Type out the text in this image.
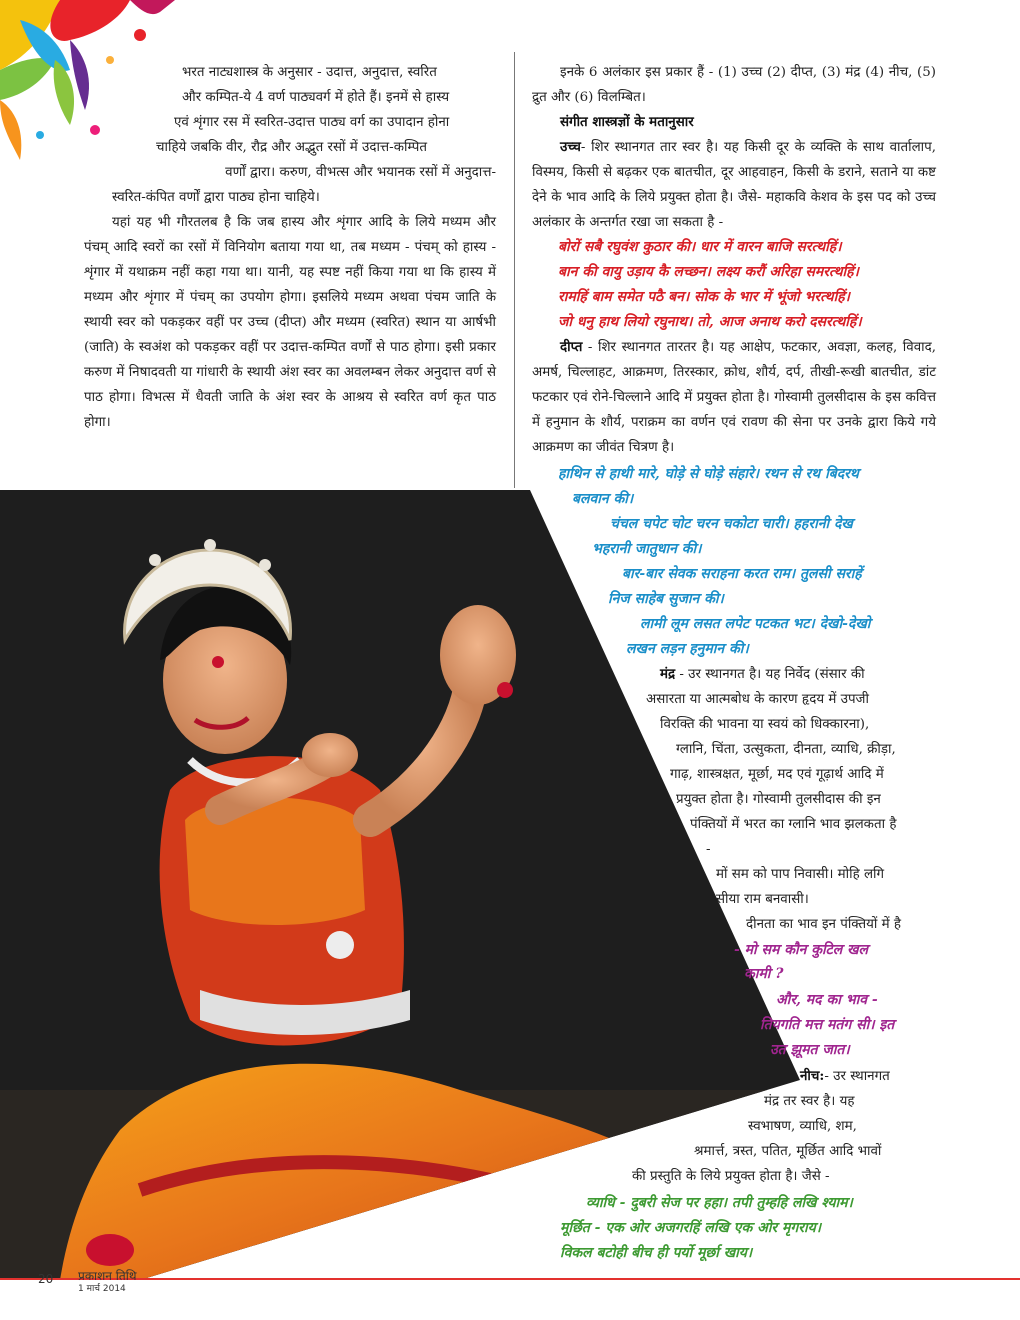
भरत नाट्यशास्त्र के अनुसार - उदात्त, अनुदात्त, स्वरित

और कम्पित-ये 4 वर्ण पाठ्यवर्ग में होते हैं। इनमें से हास्य

एवं शृंगार रस में स्वरित-उदात्त पाठ्य वर्ग का उपादान होना

चाहिये जबकि वीर, रौद्र और अद्भुत रसों में उदात्त-कम्पित

वर्णों द्वारा। करुण, वीभत्स और भयानक रसों में अनुदात्त-

स्वरित-कंपित वर्णों द्वारा पाठ्य होना चाहिये।

यहां यह भी गौरतलब है कि जब हास्य और शृंगार आदि के लिये मध्यम और पंचम् आदि स्वरों का रसों में विनियोग बताया गया था, तब मध्यम - पंचम् को हास्य - शृंगार में यथाक्रम नहीं कहा गया था। यानी, यह स्पष्ट नहीं किया गया था कि हास्य में मध्यम और शृंगार में पंचम् का उपयोग होगा। इसलिये मध्यम अथवा पंचम जाति के स्थायी स्वर को पकड़कर वहीं पर उच्च (दीप्त) और मध्यम (स्वरित) स्थान या आर्षभी (जाति) के स्वअंश को पकड़कर वहीं पर उदात्त-कम्पित वर्णों से पाठ होगा। इसी प्रकार करुण में निषादवती या गांधारी के स्थायी अंश स्वर का अवलम्बन लेकर अनुदात्त वर्ण से पाठ होगा। विभत्स में धैवती जाति के अंश स्वर के आश्रय से स्वरित वर्ण कृत पाठ होगा।

इनके 6 अलंकार इस प्रकार हैं - (1) उच्च (2) दीप्त, (3) मंद्र (4) नीच, (5) द्रुत और (6) विलम्बित।

संगीत शास्त्रज्ञों के मतानुसार

उच्च- शिर स्थानगत तार स्वर है। यह किसी दूर के व्यक्ति के साथ वार्तालाप, विस्मय, किसी से बढ़कर एक बातचीत, दूर आहवाहन, किसी के डराने, सताने या कष्ट देने के भाव आदि के लिये प्रयुक्त होता है। जैसे- महाकवि केशव के इस पद को उच्च अलंकार के अन्तर्गत रखा जा सकता है -

बोरों सबै रघुवंश कुठार की। धार में वारन बाजि सरत्थहिं।

बान की वायु उड़ाय कै लच्छन। लक्ष्य करौं अरिहा समरत्थहिं।

रामहिं बाम समेत पठै बन। सोक के भार में भूंजो भरत्थहिं।

जो धनु हाथ लियो रघुनाथ। तो, आज अनाथ करो दसरत्थहिं।

दीप्त - शिर स्थानगत तारतर है। यह आक्षेप, फटकार, अवज्ञा, कलह, विवाद, अमर्ष, चिल्लाहट, आक्रमण, तिरस्कार, क्रोध, शौर्य, दर्प, तीखी-रूखी बातचीत, डांट फटकार एवं रोने-चिल्लाने आदि में प्रयुक्त होता है। गोस्वामी तुलसीदास के इस कवित्त में हनुमान के शौर्य, पराक्रम का वर्णन एवं रावण की सेना पर उनके द्वारा किये गये आक्रमण का जीवंत चित्रण है।

हाथिन से हाथी मारे, घोड़े से घोड़े संहारे। रथन से रथ बिदरथ
बलवान की।
चंचल चपेट चोट चरन चकोटा चारी। हहरानी देख
भहरानी जातुधान की।
बार-बार सेवक सराहना करत राम। तुलसी सराहें
निज साहेब सुजान की।
लामी लूम लसत लपेट पटकत भट। देखो-देखो
लखन लड़न हनुमान की।
मंद्र - उर स्थानगत है। यह निर्वेद (संसार की
असारता या आत्मबोध के कारण हृदय में उपजी
विरक्ति की भावना या स्वयं को धिक्कारना),
ग्लानि, चिंता, उत्सुकता, दीनता, व्याधि, क्रीड़ा,
गाढ़, शास्त्रक्षत, मूर्छा, मद एवं गूढ़ार्थ आदि में
प्रयुक्त होता है। गोस्वामी तुलसीदास की इन
पंक्तियों में भरत का ग्लानि भाव झलकता है
-
मों सम को पाप निवासी। मोहि लगि
सीया राम बनवासी।
दीनता का भाव इन पंक्तियों में है
- मो सम कौन कुटिल खल
कामी ?
और, मद का भाव -
तियगति मत्त मतंग सी। इत
उत झूमत जात।
नीच:- उर स्थानगत
मंद्र तर स्वर है। यह
स्वभाषण, व्याधि, शम,
श्रमार्त्त, त्रस्त, पतित, मूर्छित आदि भावों
की प्रस्तुति के लिये प्रयुक्त होता है। जैसे -
व्याधि - दुबरी सेज पर हहा। तपी तुम्हहि लखि श्याम।
मूर्छित - एक ओर अजगरहिं लखि एक ओर मृगराय।
विकल बटोही बीच ही पर्यो मूर्छा खाय।
20 प्रकाशन तिथि
1 मार्च 2014
